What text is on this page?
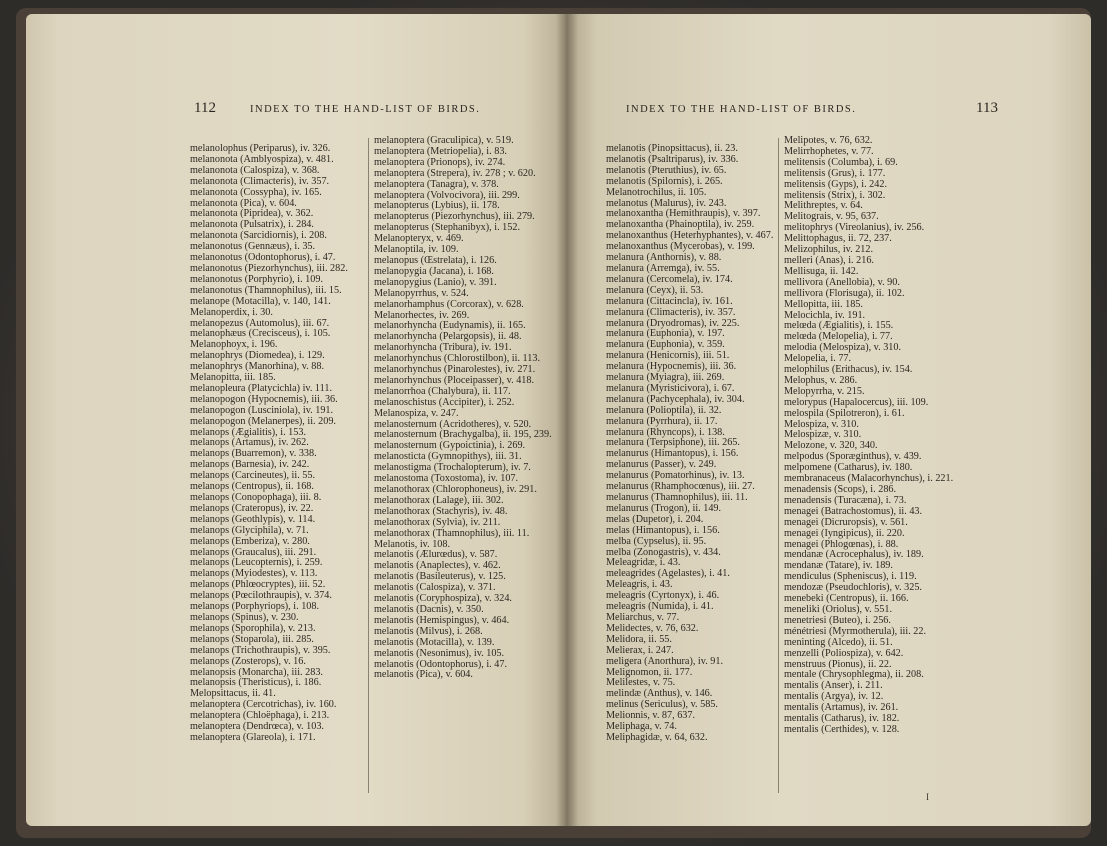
112	INDEX TO THE HAND-LIST OF BIRDS.
melanolophus (Periparus), iv. 326.
melanonota (Amblyospiza), v. 481.
melanonota (Calospiza), v. 368.
melanonota (Climacteris), iv. 357.
melanonota (Cossypha), iv. 165.
melanonota (Pica), v. 604.
melanonota (Pipridea), v. 362.
melanonota (Pulsatrix), i. 284.
melanonota (Sarcidiornis), i. 208.
melanonotus (Gennæus), i. 35.
melanonotus (Odontophorus), i. 47.
melanonotus (Piezorhynchus), iii. 282.
melanonotus (Porphyrio), i. 109.
melanonotus (Thamnophilus), iii. 15.
melanope (Motacilla), v. 140, 141.
Melanoperdix, i. 30.
melanopezus (Automolus), iii. 67.
melanophæus (Crecisceus), i. 105.
Melanophoyx, i. 196.
melanophrys (Diomedea), i. 129.
melanophrys (Manorhina), v. 88.
Melanopitta, iii. 185.
melanopleura (Platycichla) iv. 111.
melanopogon (Hypocnemis), iii. 36.
melanopogon (Lusciniola), iv. 191.
melanopogon (Melanerpes), ii. 209.
melanops (Ægialitis), i. 153.
melanops (Artamus), iv. 262.
melanops (Buarremon), v. 338.
melanops (Barnesia), iv. 242.
melanops (Carcineutes), ii. 55.
melanops (Centropus), ii. 168.
melanops (Conopophaga), iii. 8.
melanops (Crateropus), iv. 22.
melanops (Geothlypis), v. 114.
melanops (Glyciphila), v. 71.
melanops (Emberiza), v. 280.
melanops (Graucalus), iii. 291.
melanops (Leucopternis), i. 259.
melanops (Myiodestes), v. 113.
melanops (Phlœocryptes), iii. 52.
melanops (Pœcilothraupis), v. 374.
melanops (Porphyriops), i. 108.
melanops (Spinus), v. 230.
melanops (Sporophila), v. 213.
melanops (Stoparola), iii. 285.
melanops (Trichothraupis), v. 395.
melanops (Zosterops), v. 16.
melanopsis (Monarcha), iii. 283.
melanopsis (Theristicus), i. 186.
Melopsittacus, ii. 41.
melanoptera (Cercotrichas), iv. 160.
melanoptera (Chloëphaga), i. 213.
melanoptera (Dendrœca), v. 103.
melanoptera (Glareola), i. 171.
melanoptera (Graculipica), v. 519.
melanoptera (Metriopelia), i. 83.
melanoptera (Prionops), iv. 274.
melanoptera (Strepera), iv. 278 ; v. 620.
melanoptera (Tanagra), v. 378.
melanoptera (Volvocivora), iii. 299.
melanopterus (Lybius), ii. 178.
melanopterus (Piezorhynchus), iii. 279.
melanopterus (Stephanibyx), i. 152.
Melanopteryx, v. 469.
Melanoptila, iv. 109.
melanopus (Œstrelata), i. 126.
melanopygia (Jacana), i. 168.
melanopygius (Lanio), v. 391.
Melanopyrrhus, v. 524.
melanorhamphus (Corcorax), v. 628.
Melanorhectes, iv. 269.
melanorhyncha (Eudynamis), ii. 165.
melanorhyncha (Pelargopsis), ii. 48.
melanorhyncha (Tribura), iv. 191.
melanorhynchus (Chlorostilbon), ii. 113.
melanorhynchus (Pinarolestes), iv. 271.
melanorhynchus (Ploceipasser), v. 418.
melanorrhoa (Chalybura), ii. 117.
melanoschistus (Accipiter), i. 252.
Melanospiza, v. 247.
melanosternum (Acridotheres), v. 520.
melanosternum (Brachygalba), ii. 195, 239.
melanosternum (Gypoictinia), i. 269.
melanosticta (Gymnopithys), iii. 31.
melanostigma (Trochalopterum), iv. 7.
melanostoma (Toxostoma), iv. 107.
melanothorax (Chlorophoneus), iv. 291.
melanothorax (Lalage), iii. 302.
melanothorax (Stachyris), iv. 48.
melanothorax (Sylvia), iv. 211.
melanothorax (Thamnophilus), iii. 11.
Melanotis, iv. 108.
melanotis (Ælurœdus), v. 587.
melanotis (Anaplectes), v. 462.
melanotis (Basileuterus), v. 125.
melanotis (Calospiza), v. 371.
melanotis (Coryphospiza), v. 324.
melanotis (Dacnis), v. 350.
melanotis (Hemispingus), v. 464.
melanotis (Milvus), i. 268.
melanotis (Motacilla), v. 139.
melanotis (Nesonimus), iv. 105.
melanotis (Odontophorus), i. 47.
melanotis (Pica), v. 604.
INDEX TO THE HAND-LIST OF BIRDS.	113
melanotis (Pinopsittacus), ii. 23.
melanotis (Psaltriparus), iv. 336.
melanotis (Pteruthius), iv. 65.
melanotis (Spilornis), i. 265.
Melanotrochilus, ii. 105.
melanotus (Malurus), iv. 243.
melanoxantha (Hemithraupis), v. 397.
melanoxantha (Phainoptila), iv. 259.
melanoxanthus (Heterhyphantes), v. 467.
melanoxanthus (Mycerobas), v. 199.
melanura (Anthornis), v. 88.
melanura (Arremga), iv. 55.
melanura (Cercomela), iv. 174.
melanura (Ceyx), ii. 53.
melanura (Cittacincla), iv. 161.
melanura (Climacteris), iv. 357.
melanura (Dryodromas), iv. 225.
melanura (Euphonia), v. 197.
melanura (Euphonia), v. 359.
melanura (Henicornis), iii. 51.
melanura (Hypocnemis), iii. 36.
melanura (Myiagra), iii. 269.
melanura (Myristicivora), i. 67.
melanura (Pachycephala), iv. 304.
melanura (Polioptila), ii. 32.
melanura (Pyrrhura), ii. 17.
melanura (Rhyncops), i. 138.
melanura (Terpsiphone), iii. 265.
melanurus (Himantopus), i. 156.
melanurus (Passer), v. 249.
melanurus (Pomatorhinus), iv. 13.
melanurus (Rhamphocœnus), iii. 27.
melanurus (Thamnophilus), iii. 11.
melanurus (Trogon), ii. 149.
melas (Dupetor), i. 204.
melas (Himantopus), i. 156.
melba (Cypselus), ii. 95.
melba (Zonogastris), v. 434.
Meleagridæ, i. 43.
meleagrides (Agelastes), i. 41.
Meleagris, i. 43.
meleagris (Cyrtonyx), i. 46.
meleagris (Numida), i. 41.
Meliarchus, v. 77.
Melidectes, v. 76, 632.
Melidora, ii. 55.
Melierax, i. 247.
meligera (Anorthura), iv. 91.
Melignomon, ii. 177.
Melilestes, v. 75.
melindæ (Anthus), v. 146.
melinus (Sericulus), v. 585.
Melionnis, v. 87, 637.
Meliphaga, v. 74.
Meliphagidæ, v. 64, 632.
Melipotes, v. 76, 632.
Melirrhophetes, v. 77.
melitensis (Columba), i. 69.
melitensis (Grus), i. 177.
melitensis (Gyps), i. 242.
melitensis (Strix), i. 302.
Melithreptes, v. 64.
Melitograis, v. 95, 637.
melitophrys (Vireolanius), iv. 256.
Melittophagus, ii. 72, 237.
Melizophilus, iv. 212.
melleri (Anas), i. 216.
Mellisuga, ii. 142.
mellivora (Anellobia), v. 90.
mellivora (Florisuga), ii. 102.
Mellopitta, iii. 185.
Melocichla, iv. 191.
melœda (Ægialitis), i. 155.
melœda (Melopelia), i. 77.
melodia (Melospiza), v. 310.
Melopelia, i. 77.
melophilus (Erithacus), iv. 154.
Melophus, v. 286.
Melopyrrha, v. 215.
melorypus (Hapalocercus), iii. 109.
melospila (Spilotreron), i. 61.
Melospiza, v. 310.
Melospizæ, v. 310.
Melozone, v. 320, 340.
melpodus (Sporæginthus), v. 439.
melpomene (Catharus), iv. 180.
membranaceus (Malacorhynchus), i. 221.
menadensis (Scops), i. 286.
menadensis (Turacæna), i. 73.
menagei (Batrachostomus), ii. 43.
menagei (Dicruropsis), v. 561.
menagei (Iyngipicus), ii. 220.
menagei (Phlogœnas), i. 88.
mendanæ (Acrocephalus), iv. 189.
mendanæ (Tatare), iv. 189.
mendiculus (Spheniscus), i. 119.
mendozæ (Pseudochloris), v. 325.
menebeki (Centropus), ii. 166.
meneliki (Oriolus), v. 551.
menetriesi (Buteo), i. 256.
ménétriesi (Myrmotherula), iii. 22.
meninting (Alcedo), ii. 51.
menzelli (Poliospiza), v. 642.
menstruus (Pionus), ii. 22.
mentale (Chrysophlegma), ii. 208.
mentalis (Anser), i. 211.
mentalis (Argya), iv. 12.
mentalis (Artamus), iv. 261.
mentalis (Catharus), iv. 182.
mentalis (Certhides), v. 128.
I
